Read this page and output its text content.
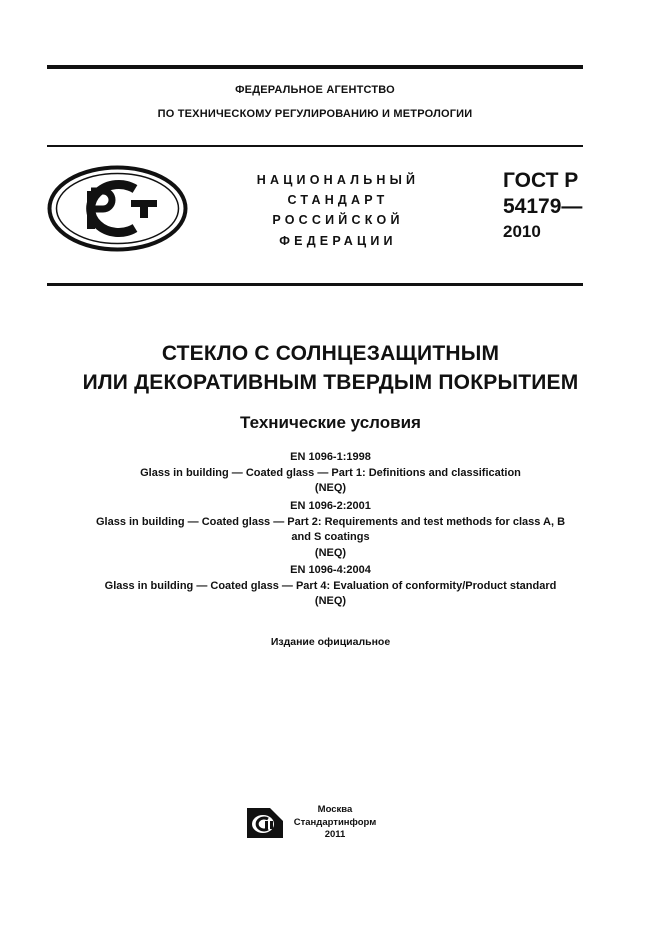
ФЕДЕРАЛЬНОЕ АГЕНТСТВО
ПО ТЕХНИЧЕСКОМУ РЕГУЛИРОВАНИЮ И МЕТРОЛОГИИ
НАЦИОНАЛЬНЫЙ
СТАНДАРТ
РОССИЙСКОЙ
ФЕДЕРАЦИИ
ГОСТ Р
54179—
2010
СТЕКЛО С СОЛНЦЕЗАЩИТНЫМ
ИЛИ ДЕКОРАТИВНЫМ ТВЕРДЫМ ПОКРЫТИЕМ
Технические условия
EN 1096-1:1998
Glass in building — Coated glass — Part 1: Definitions and classification
(NEQ)
EN 1096-2:2001
Glass in building — Coated glass — Part 2: Requirements and test methods for class A, B
and S coatings
(NEQ)
EN 1096-4:2004
Glass in building — Coated glass — Part 4: Evaluation of conformity/Product standard
(NEQ)
Издание официальное
Москва
Стандартинформ
2011
